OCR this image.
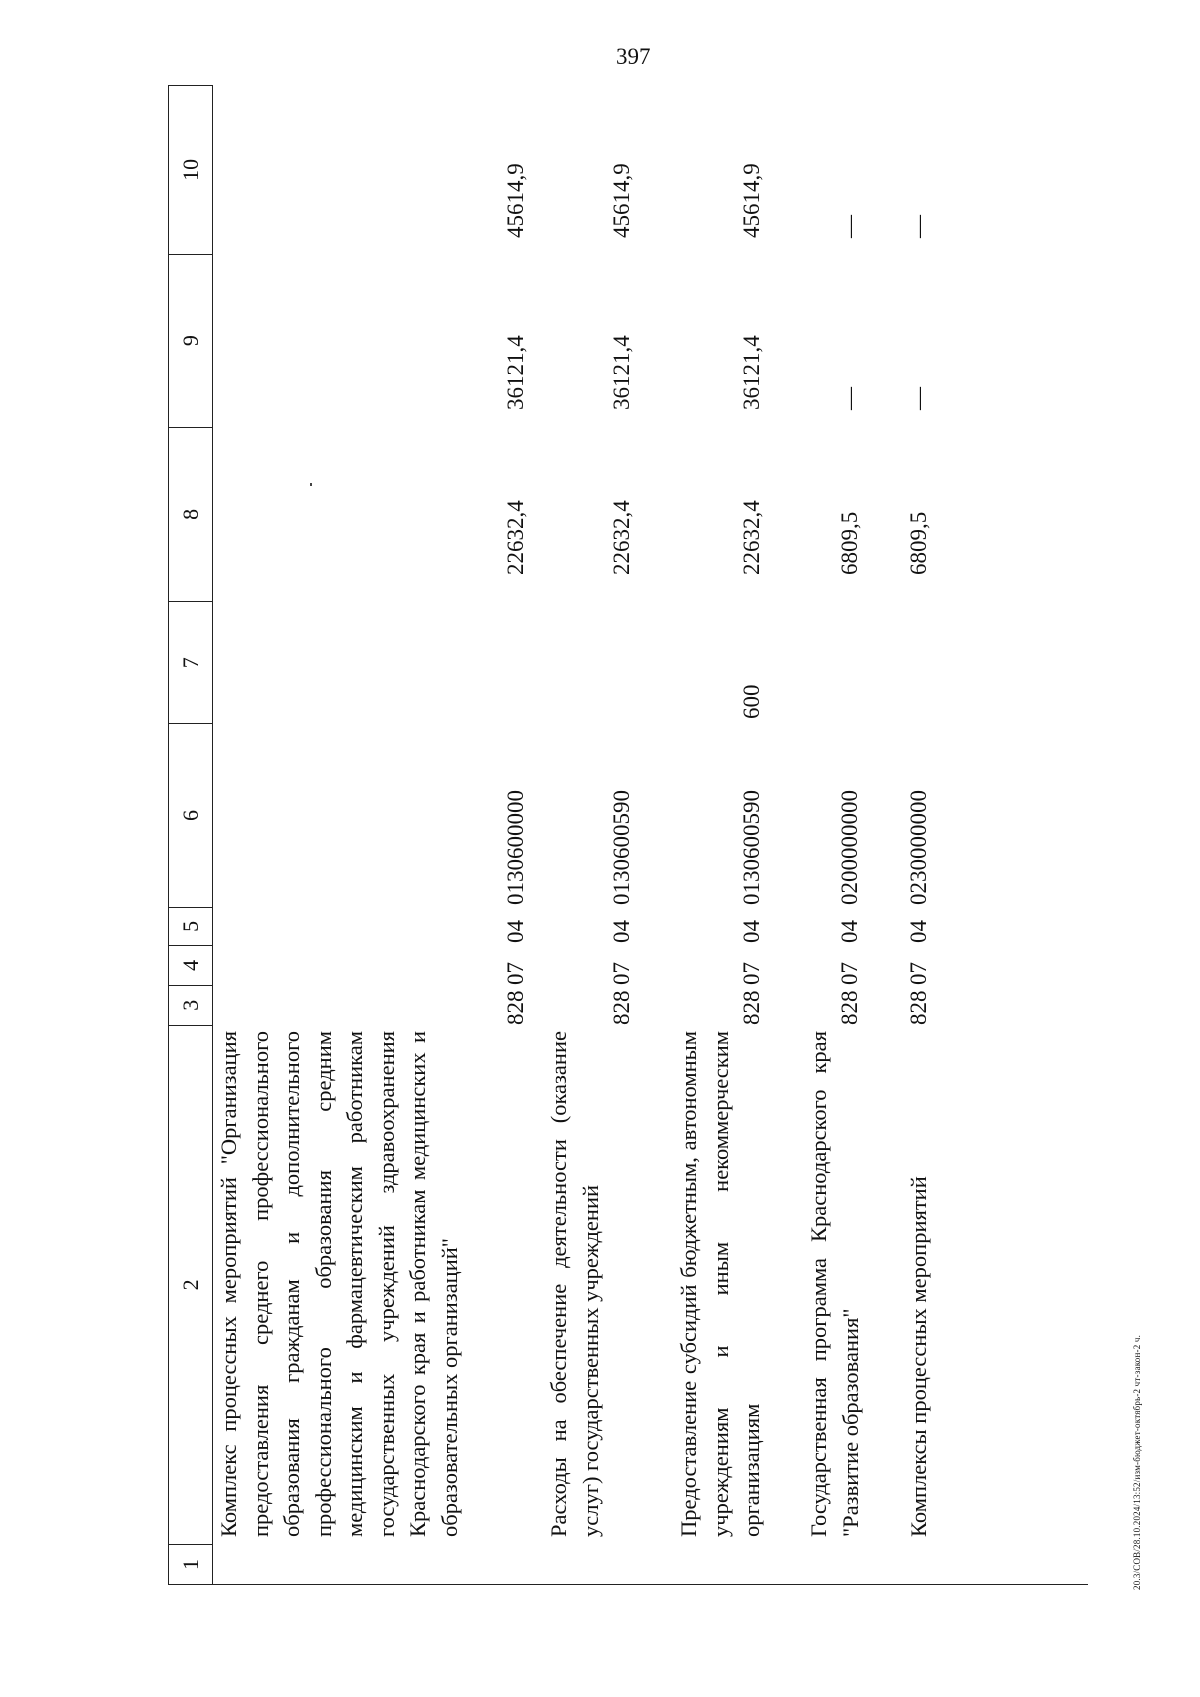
397
20.3/СОВ/28.10.2024/13:52/изм-бюджет-октябрь-2 чт-закон-2 ч.
1
2
3
4
5
6
7
8
9
10
Комплекс процессных мероприятий "Организация предоставления среднего профессионального образования гражданам и дополнительного профессионального образования средним медицинским и фармацевтическим работникам государственных учреждений здравоохранения Краснодарского края и работникам медицинских и образовательных организаций"
828
07
04
0130600000
22632,4
36121,4
45614,9
Расходы на обеспечение деятельности (оказание услуг) государственных учреждений
828
07
04
0130600590
22632,4
36121,4
45614,9
Предоставление субсидий бюджетным, автономным учреждениям и иным некоммерческим организациям
828
07
04
0130600590
600
22632,4
36121,4
45614,9
Государственная программа Краснодарского края "Развитие образования"
828
07
04
0200000000
6809,5
—
—
Комплексы процессных мероприятий
828
07
04
0230000000
6809,5
—
—
